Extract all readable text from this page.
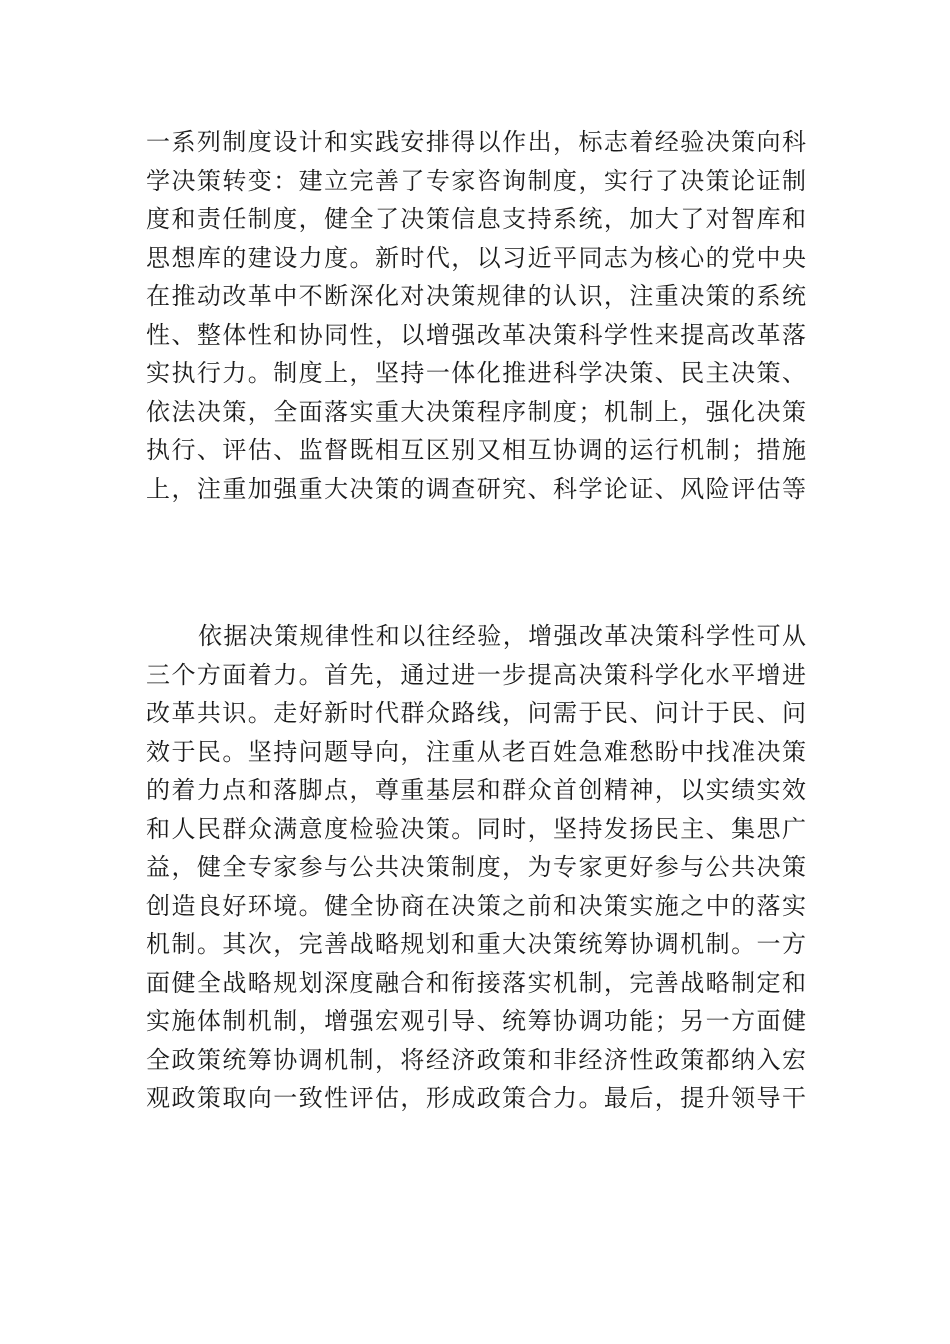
一系列制度设计和实践安排得以作出，标志着经验决策向科
学决策转变：建立完善了专家咨询制度，实行了决策论证制
度和责任制度，健全了决策信息支持系统，加大了对智库和
思想库的建设力度。新时代，以习近平同志为核心的党中央
在推动改革中不断深化对决策规律的认识，注重决策的系统
性、整体性和协同性，以增强改革决策科学性来提高改革落
实执行力。制度上，坚持一体化推进科学决策、民主决策、
依法决策，全面落实重大决策程序制度；机制上，强化决策
执行、评估、监督既相互区别又相互协调的运行机制；措施
上，注重加强重大决策的调查研究、科学论证、风险评估等
依据决策规律性和以往经验，增强改革决策科学性可从
三个方面着力。首先，通过进一步提高决策科学化水平增进
改革共识。走好新时代群众路线，问需于民、问计于民、问
效于民。坚持问题导向，注重从老百姓急难愁盼中找准决策
的着力点和落脚点，尊重基层和群众首创精神，以实绩实效
和人民群众满意度检验决策。同时，坚持发扬民主、集思广
益，健全专家参与公共决策制度，为专家更好参与公共决策
创造良好环境。健全协商在决策之前和决策实施之中的落实
机制。其次，完善战略规划和重大决策统筹协调机制。一方
面健全战略规划深度融合和衔接落实机制，完善战略制定和
实施体制机制，增强宏观引导、统筹协调功能；另一方面健
全政策统筹协调机制，将经济政策和非经济性政策都纳入宏
观政策取向一致性评估，形成政策合力。最后，提升领导干
